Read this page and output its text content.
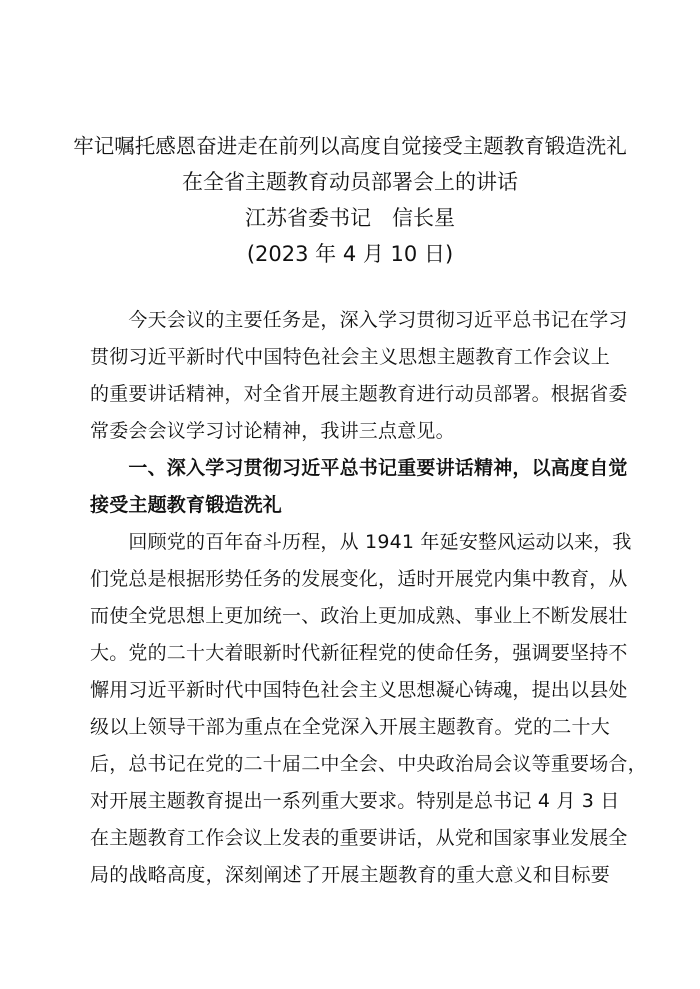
牢记嘱托感恩奋进走在前列以高度自觉接受主题教育锻造洗礼
在全省主题教育动员部署会上的讲话
江苏省委书记　信长星
(2023 年 4 月 10 日)
　　今天会议的主要任务是，深入学习贯彻习近平总书记在学习
贯彻习近平新时代中国特色社会主义思想主题教育工作会议上
的重要讲话精神，对全省开展主题教育进行动员部署。根据省委
常委会会议学习讨论精神，我讲三点意见。
　　一、深入学习贯彻习近平总书记重要讲话精神，以高度自觉
接受主题教育锻造洗礼
　　回顾党的百年奋斗历程，从 1941 年延安整风运动以来，我
们党总是根据形势任务的发展变化，适时开展党内集中教育，从
而使全党思想上更加统一、政治上更加成熟、事业上不断发展壮
大。党的二十大着眼新时代新征程党的使命任务，强调要坚持不
懈用习近平新时代中国特色社会主义思想凝心铸魂，提出以县处
级以上领导干部为重点在全党深入开展主题教育。党的二十大
后，总书记在党的二十届二中全会、中央政治局会议等重要场合，
对开展主题教育提出一系列重大要求。特别是总书记 4 月 3 日
在主题教育工作会议上发表的重要讲话，从党和国家事业发展全
局的战略高度，深刻阐述了开展主题教育的重大意义和目标要
